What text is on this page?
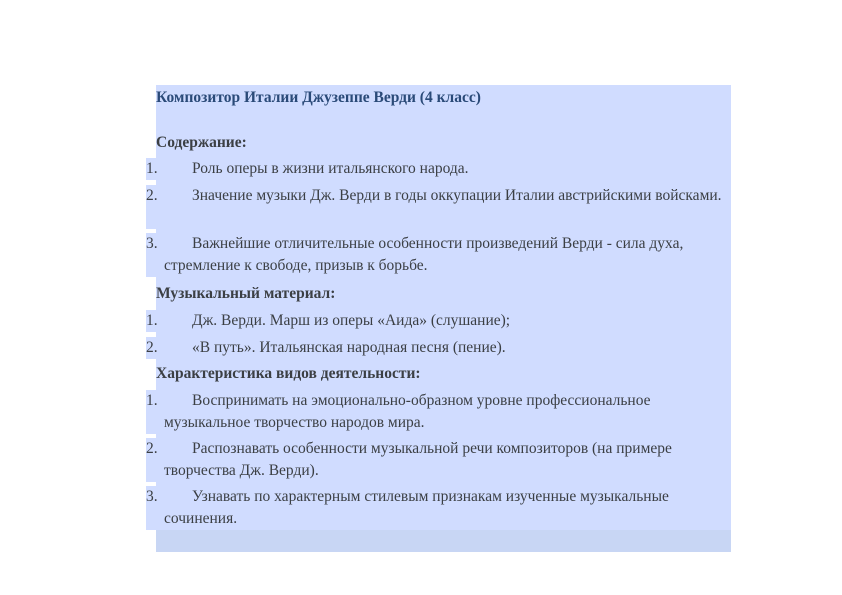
Композитор Италии Джузеппе Верди (4 класс)
Содержание:
1.	Роль оперы в жизни итальянского народа.
2.	Значение музыки Дж. Верди в годы оккупации Италии австрийскими войсками.
3.	Важнейшие отличительные особенности произведений Верди - сила духа, стремление к свободе, призыв к борьбе.
Музыкальный материал:
1.	Дж. Верди. Марш из оперы «Аида» (слушание);
2.	«В путь». Итальянская народная песня (пение).
Характеристика видов деятельности:
1.	Воспринимать на эмоционально-образном уровне профессиональное музыкальное творчество народов мира.
2.	Распознавать особенности музыкальной речи композиторов (на примере творчества Дж. Верди).
3.	Узнавать по характерным стилевым признакам изученные музыкальные сочинения.
